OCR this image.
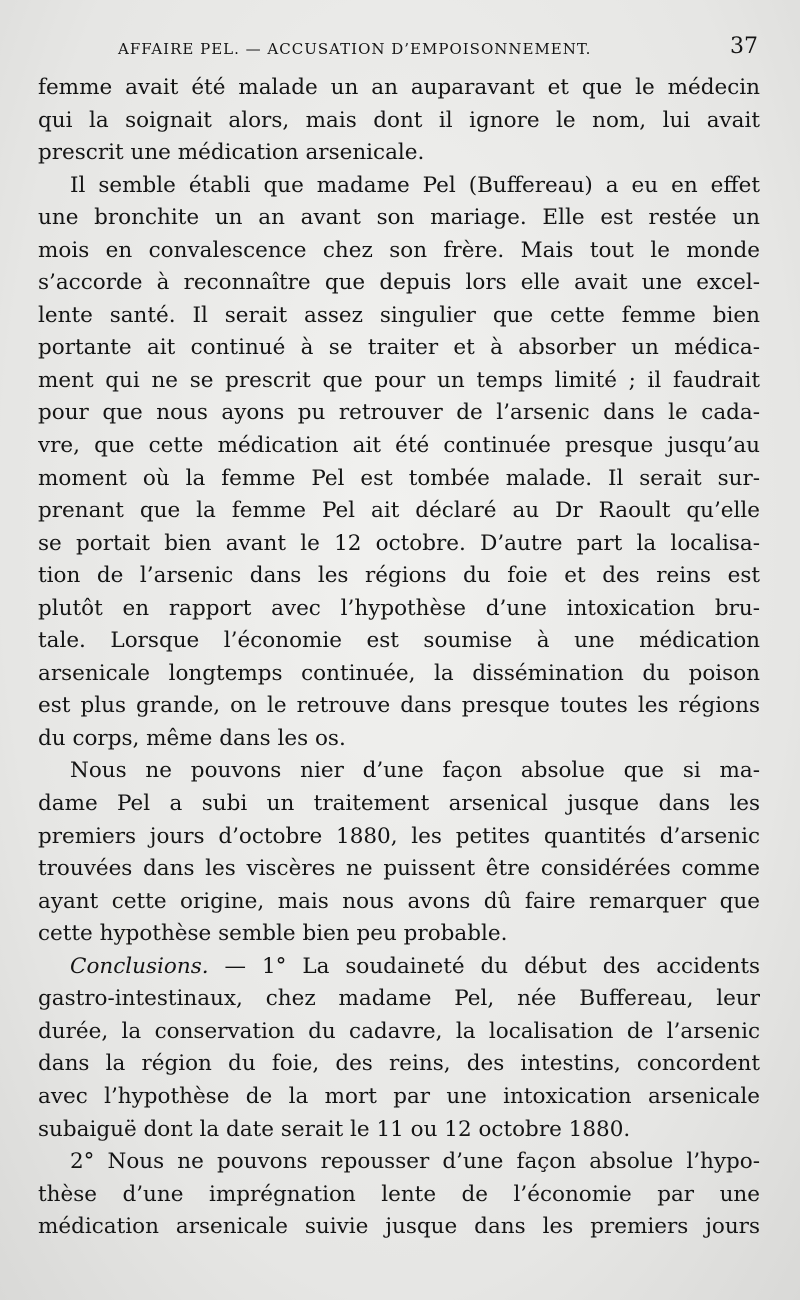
AFFAIRE PEL. — ACCUSATION D’EMPOISONNEMENT.	37
femme avait été malade un an auparavant et que le médecin
qui la soignait alors, mais dont il ignore le nom, lui avait
prescrit une médication arsenicale.
Il semble établi que madame Pel (Buffereau) a eu en effet
une bronchite un an avant son mariage. Elle est restée un
mois en convalescence chez son frère. Mais tout le monde
s’accorde à reconnaître que depuis lors elle avait une excel-
lente santé. Il serait assez singulier que cette femme bien
portante ait continué à se traiter et à absorber un médica-
ment qui ne se prescrit que pour un temps limité ; il faudrait
pour que nous ayons pu retrouver de l’arsenic dans le cada-
vre, que cette médication ait été continuée presque jusqu’au
moment où la femme Pel est tombée malade. Il serait sur-
prenant que la femme Pel ait déclaré au Dr Raoult qu’elle
se portait bien avant le 12 octobre. D’autre part la localisa-
tion de l’arsenic dans les régions du foie et des reins est
plutôt en rapport avec l’hypothèse d’une intoxication bru-
tale. Lorsque l’économie est soumise à une médication
arsenicale longtemps continuée, la dissémination du poison
est plus grande, on le retrouve dans presque toutes les régions
du corps, même dans les os.
Nous ne pouvons nier d’une façon absolue que si ma-
dame Pel a subi un traitement arsenical jusque dans les
premiers jours d’octobre 1880, les petites quantités d’arsenic
trouvées dans les viscères ne puissent être considérées comme
ayant cette origine, mais nous avons dû faire remarquer que
cette hypothèse semble bien peu probable.
Conclusions. — 1° La soudaineté du début des accidents
gastro-intestinaux, chez madame Pel, née Buffereau, leur
durée, la conservation du cadavre, la localisation de l’arsenic
dans la région du foie, des reins, des intestins, concordent
avec l’hypothèse de la mort par une intoxication arsenicale
subaiguë dont la date serait le 11 ou 12 octobre 1880.
2° Nous ne pouvons repousser d’une façon absolue l’hypo-
thèse d’une imprégnation lente de l’économie par une
médication arsenicale suivie jusque dans les premiers jours
